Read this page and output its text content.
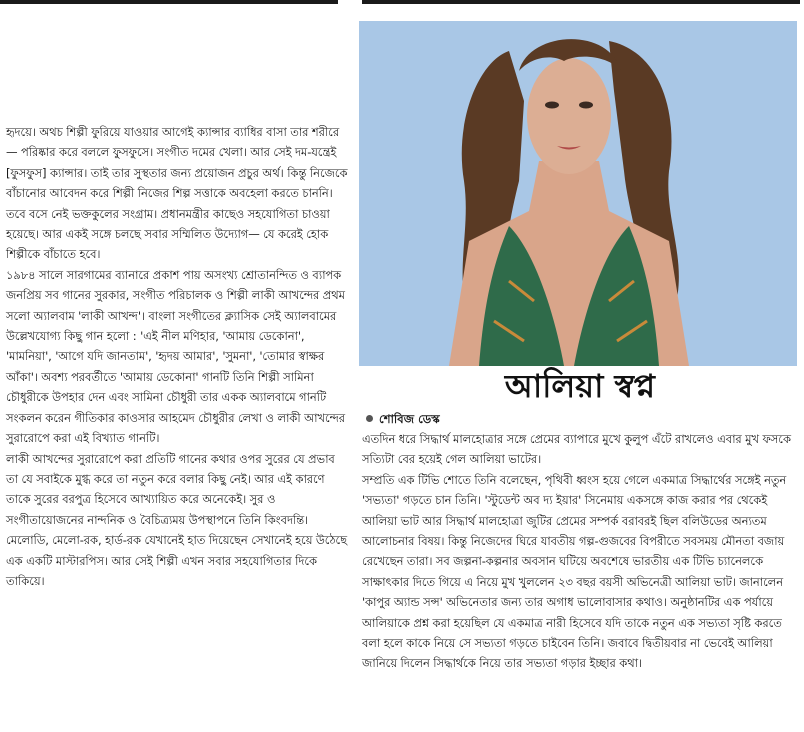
হৃদয়ে। অথচ শিল্পী ফুরিয়ে যাওয়ার আগেই ক্যান্সার ব্যাধির বাসা তার শরীরে— পরিষ্কার করে বললে ফুসফুসে। সংগীত দমের খেলা। আর সেই দম-যন্ত্রেই [ফুসফুস] ক্যান্সার। তাই তার সুস্থতার জন্য প্রয়োজন প্রচুর অর্থ। কিন্তু নিজেকে বাঁচানোর আবেদন করে শিল্পী নিজের শিল্প সত্তাকে অবহেলা করতে চাননি। তবে বসে নেই ভক্তকুলের সংগ্রাম। প্রধানমন্ত্রীর কাছেও সহযোগিতা চাওয়া হয়েছে। আর একই সঙ্গে চলছে সবার সম্মিলিত উদ্যোগ— যে করেই হোক শিল্পীকে বাঁচাতে হবে।

১৯৮৪ সালে সারগামের ব্যানারে প্রকাশ পায় অসংখ্য শ্রোতানন্দিত ও ব্যাপক জনপ্রিয় সব গানের সুরকার, সংগীত পরিচালক ও শিল্পী লাকী আখন্দের প্রথম সলো অ্যালবাম 'লাকী আখন্দ'। বাংলা সংগীতের ক্ল্যাসিক সেই অ্যালবামের উল্লেখযোগ্য কিছু গান হলো : 'এই নীল মণিহার, 'আমায় ডেকোনা', 'মামনিয়া', 'আগে যদি জানতাম', 'হৃদয় আমার', 'সুমনা', 'তোমার স্বাক্ষর আঁকা'। অবশ্য পরবর্তীতে 'আমায় ডেকোনা' গানটি তিনি শিল্পী সামিনা চৌধুরীকে উপহার দেন এবং সামিনা চৌধুরী তার একক অ্যালবামে গানটি সংকলন করেন গীতিকার কাওসার আহমেদ চৌধুরীর লেখা ও লাকী আখন্দের সুরারোপে করা এই বিখ্যাত গানটি।

লাকী আখন্দের সুরারোপে করা প্রতিটি গানের কথার ওপর সুরের যে প্রভাব তা যে সবাইকে মুগ্ধ করে তা নতুন করে বলার কিছু নেই। আর এই কারণে তাকে সুরের বরপুত্র হিসেবে আখ্যায়িত করে অনেকেই। সুর ও সংগীতায়োজনের নান্দনিক ও বৈচিত্র্যময় উপস্থাপনে তিনি কিংবদন্তি। মেলোডি, মেলো-রক, হার্ড-রক যেখানেই হাত দিয়েছেন সেখানেই হয়ে উঠেছে এক একটি মাস্টারপিস। আর সেই শিল্পী এখন সবার সহযোগিতার দিকে তাকিয়ে।

আলিয়া স্বপ্ন
শোবিজ ডেস্ক

এতদিন ধরে সিদ্ধার্থ মালহোত্রার সঙ্গে প্রেমের ব্যাপারে মুখে কুলুপ এঁটে রাখলেও এবার মুখ ফসকে সত্যিটা বের হয়েই গেল আলিয়া ভাটের।

সম্প্রতি এক টিভি শোতে তিনি বলেছেন, পৃথিবী ধ্বংস হয়ে গেলে একমাত্র সিদ্ধার্থের সঙ্গেই নতুন 'সভ্যতা' গড়তে চান তিনি। 'স্টুডেন্ট অব দ্য ইয়ার' সিনেমায় একসঙ্গে কাজ করার পর থেকেই আলিয়া ভাট আর সিদ্ধার্থ মালহোত্রা জুটির প্রেমের সম্পর্ক বরাবরই ছিল বলিউডের অন্যতম আলোচনার বিষয়। কিন্তু নিজেদের ঘিরে যাবতীয় গল্প-গুজবের বিপরীতে সবসময় মৌনতা বজায় রেখেছেন তারা। সব জল্পনা-কল্পনার অবসান ঘটিয়ে অবশেষে ভারতীয় এক টিভি চ্যানেলকে সাক্ষাৎকার দিতে গিয়ে এ নিয়ে মুখ খুললেন ২৩ বছর বয়সী অভিনেত্রী আলিয়া ভাট। জানালেন 'কাপুর অ্যান্ড সন্স' অভিনেতার জন্য তার অগাধ ভালোবাসার কথাও। অনুষ্ঠানটির এক পর্যায়ে আলিয়াকে প্রশ্ন করা হয়েছিল যে একমাত্র নারী হিসেবে যদি তাকে নতুন এক সভ্যতা সৃষ্টি করতে বলা হলে কাকে নিয়ে সে সভ্যতা গড়তে চাইবেন তিনি। জবাবে দ্বিতীয়বার না ভেবেই আলিয়া জানিয়ে দিলেন সিদ্ধার্থকে নিয়ে তার সভ্যতা গড়ার ইচ্ছার কথা।
